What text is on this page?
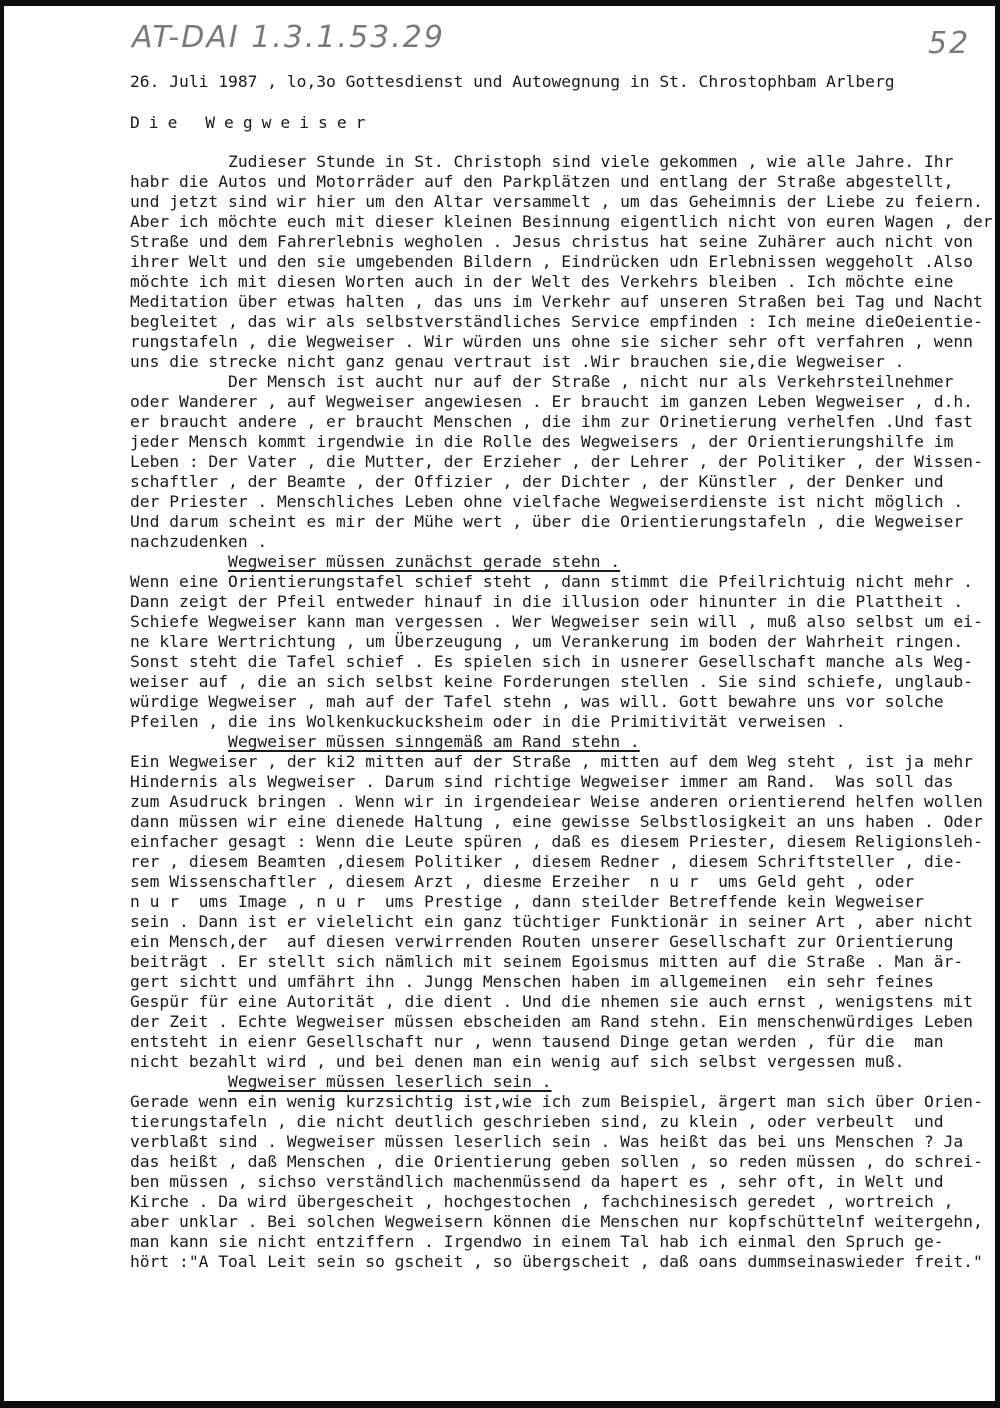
AT-DAI 1.3.1.53.29	52
26. Juli 1987 , lo,3o Gottesdienst und Autowegnung in St. Chrostophbam Arlberg
Die Wegweiser
Zudieser Stunde in St. Christoph sind viele gekommen , wie alle Jahre. Ihr
habr die Autos und Motorräder auf den Parkplätzen und entlang der Straße abgestellt,
und jetzt sind wir hier um den Altar versammelt , um das Geheimnis der Liebe zu feiern.
Aber ich möchte euch mit dieser kleinen Besinnung eigentlich nicht von euren Wagen , der
Straße und dem Fahrerlebnis wegholen . Jesus christus hat seine Zuhärer auch nicht von
ihrer Welt und den sie umgebenden Bildern , Eindrücken udn Erlebnissen weggeholt .Also
möchte ich mit diesen Worten auch in der Welt des Verkehrs bleiben . Ich möchte eine
Meditation über etwas halten , das uns im Verkehr auf unseren Straßen bei Tag und Nacht
begleitet , das wir als selbstverständliches Service empfinden : Ich meine dieOeientie-
rungstafeln , die Wegweiser . Wir würden uns ohne sie sicher sehr oft verfahren , wenn
uns die strecke nicht ganz genau vertraut ist .Wir brauchen sie,die Wegweiser .
Der Mensch ist aucht nur auf der Straße , nicht nur als Verkehrsteilnehmer
oder Wanderer , auf Wegweiser angewiesen . Er braucht im ganzen Leben Wegweiser , d.h.
er braucht andere , er braucht Menschen , die ihm zur Orinetierung verhelfen .Und fast
jeder Mensch kommt irgendwie in die Rolle des Wegweisers , der Orientierungshilfe im
Leben : Der Vater , die Mutter, der Erzieher , der Lehrer , der Politiker , der Wissen-
schaftler , der Beamte , der Offizier , der Dichter , der Künstler , der Denker und
der Priester . Menschliches Leben ohne vielfache Wegweiserdienste ist nicht möglich .
Und darum scheint es mir der Mühe wert , über die Orientierungstafeln , die Wegweiser
nachzudenken .
Wegweiser müssen zunächst gerade stehn .
Wenn eine Orientierungstafel schief steht , dann stimmt die Pfeilrichtuig nicht mehr .
Dann zeigt der Pfeil entweder hinauf in die illusion oder hinunter in die Plattheit .
Schiefe Wegweiser kann man vergessen . Wer Wegweiser sein will , muß also selbst um ei-
ne klare Wertrichtung , um Überzeugung , um Verankerung im boden der Wahrheit ringen.
Sonst steht die Tafel schief . Es spielen sich in usnerer Gesellschaft manche als Weg-
weiser auf , die an sich selbst keine Forderungen stellen . Sie sind schiefe, unglaub-
würdige Wegweiser , mah auf der Tafel stehn , was will. Gott bewahre uns vor solche
Pfeilen , die ins Wolkenkuckucksheim oder in die Primitivität verweisen .
Wegweiser müssen sinngemäß am Rand stehn .
Ein Wegweiser , der ki2 mitten auf der Straße , mitten auf dem Weg steht , ist ja mehr
Hindernis als Wegweiser . Darum sind richtige Wegweiser immer am Rand.  Was soll das
zum Asudruck bringen . Wenn wir in irgendeiear Weise anderen orientierend helfen wollen
dann müssen wir eine dienede Haltung , eine gewisse Selbstlosigkeit an uns haben . Oder
einfacher gesagt : Wenn die Leute spüren , daß es diesem Priester, diesem Religionsleh-
rer , diesem Beamten ,diesem Politiker , diesem Redner , diesem Schriftsteller , die-
sem Wissenschaftler , diesem Arzt , diesme Erzeiher  n u r  ums Geld geht , oder
n u r  ums Image , n u r  ums Prestige , dann steilder Betreffende kein Wegweiser
sein . Dann ist er vielelicht ein ganz tüchtiger Funktionär in seiner Art , aber nicht
ein Mensch,der  auf diesen verwirrenden Routen unserer Gesellschaft zur Orientierung
beiträgt . Er stellt sich nämlich mit seinem Egoismus mitten auf die Straße . Man är-
gert sichtt und umfährt ihn . Jungg Menschen haben im allgemeinen  ein sehr feines
Gespür für eine Autorität , die dient . Und die nhemen sie auch ernst , wenigstens mit
der Zeit . Echte Wegweiser müssen ebscheiden am Rand stehn. Ein menschenwürdiges Leben
entsteht in eienr Gesellschaft nur , wenn tausend Dinge getan werden , für die  man
nicht bezahlt wird , und bei denen man ein wenig auf sich selbst vergessen muß.
Wegweiser müssen leserlich sein .
Gerade wenn ein wenig kurzsichtig ist,wie ich zum Beispiel, ärgert man sich über Orien-
tierungstafeln , die nicht deutlich geschrieben sind, zu klein , oder verbeult  und
verblaßt sind . Wegweiser müssen leserlich sein . Was heißt das bei uns Menschen ? Ja
das heißt , daß Menschen , die Orientierung geben sollen , so reden müssen , do schrei-
ben müssen , sichso verständlich machenmüssend da hapert es , sehr oft, in Welt und
Kirche . Da wird übergescheit , hochgestochen , fachchinesisch geredet , wortreich ,
aber unklar . Bei solchen Wegweisern können die Menschen nur kopfschüttelnf weitergehn,
man kann sie nicht entziffern . Irgendwo in einem Tal hab ich einmal den Spruch ge-
hört :"A Toal Leit sein so gscheit , so übergscheit , daß oans dummseinaswieder freit."
